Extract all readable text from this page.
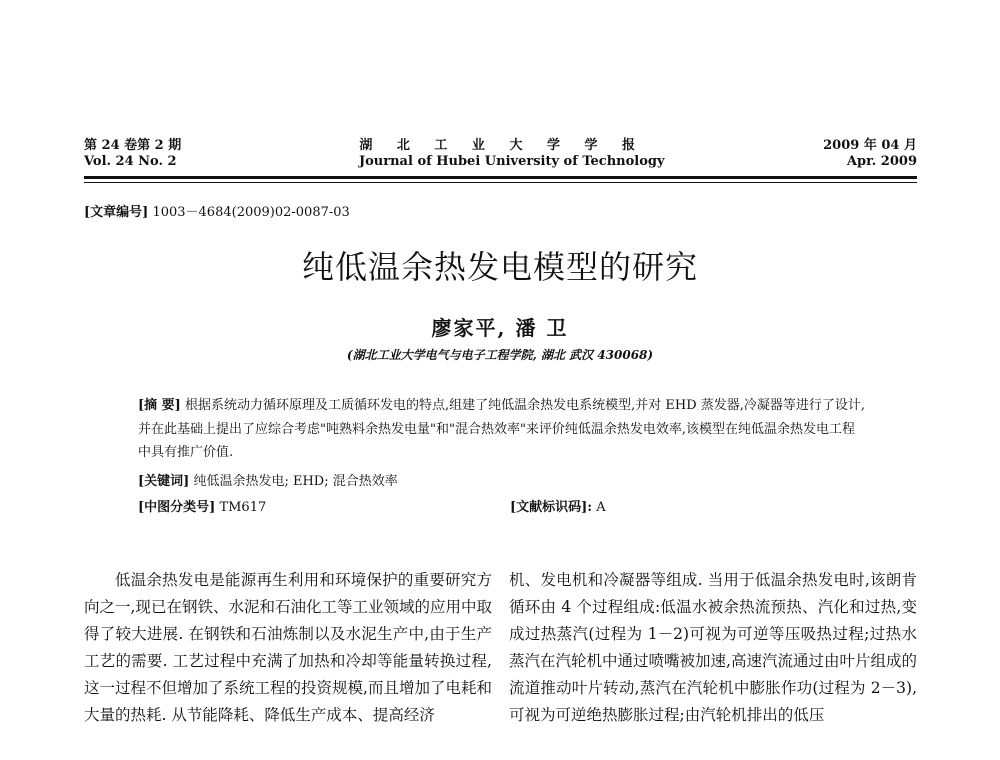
第 24 卷第 2 期	湖 北 工 业 大 学 学 报	2009 年 04 月
Vol. 24 No. 2	Journal of Hubei University of Technology	Apr. 2009
[文章编号] 1003－4684(2009)02-0087-03
纯低温余热发电模型的研究
廖家平, 潘 卫
(湖北工业大学电气与电子工程学院, 湖北 武汉 430068)
[摘 要] 根据系统动力循环原理及工质循环发电的特点,组建了纯低温余热发电系统模型,并对 EHD 蒸发器,冷凝器等进行了设计,并在此基础上提出了应综合考虑"吨熟料余热发电量"和"混合热效率"来评价纯低温余热发电效率,该模型在纯低温余热发电工程中具有推广价值.
[关键词] 纯低温余热发电; EHD; 混合热效率
[中图分类号] TM617	[文献标识码]: A
低温余热发电是能源再生利用和环境保护的重要研究方向之一,现已在钢铁、水泥和石油化工等工业领域的应用中取得了较大进展. 在钢铁和石油炼制以及水泥生产中,由于生产工艺的需要. 工艺过程中充满了加热和冷却等能量转换过程,这一过程不但增加了系统工程的投资规模,而且增加了电耗和大量的热耗. 从节能降耗、降低生产成本、提高经济
机、发电机和冷凝器等组成. 当用于低温余热发电时,该朗肯循环由 4 个过程组成:低温水被余热流预热、汽化和过热,变成过热蒸汽(过程为 1－2)可视为可逆等压吸热过程;过热水蒸汽在汽轮机中通过喷嘴被加速,高速汽流通过由叶片组成的流道推动叶片转动,蒸汽在汽轮机中膨胀作功(过程为 2－3),可视为可逆绝热膨胀过程;由汽轮机排出的低压
